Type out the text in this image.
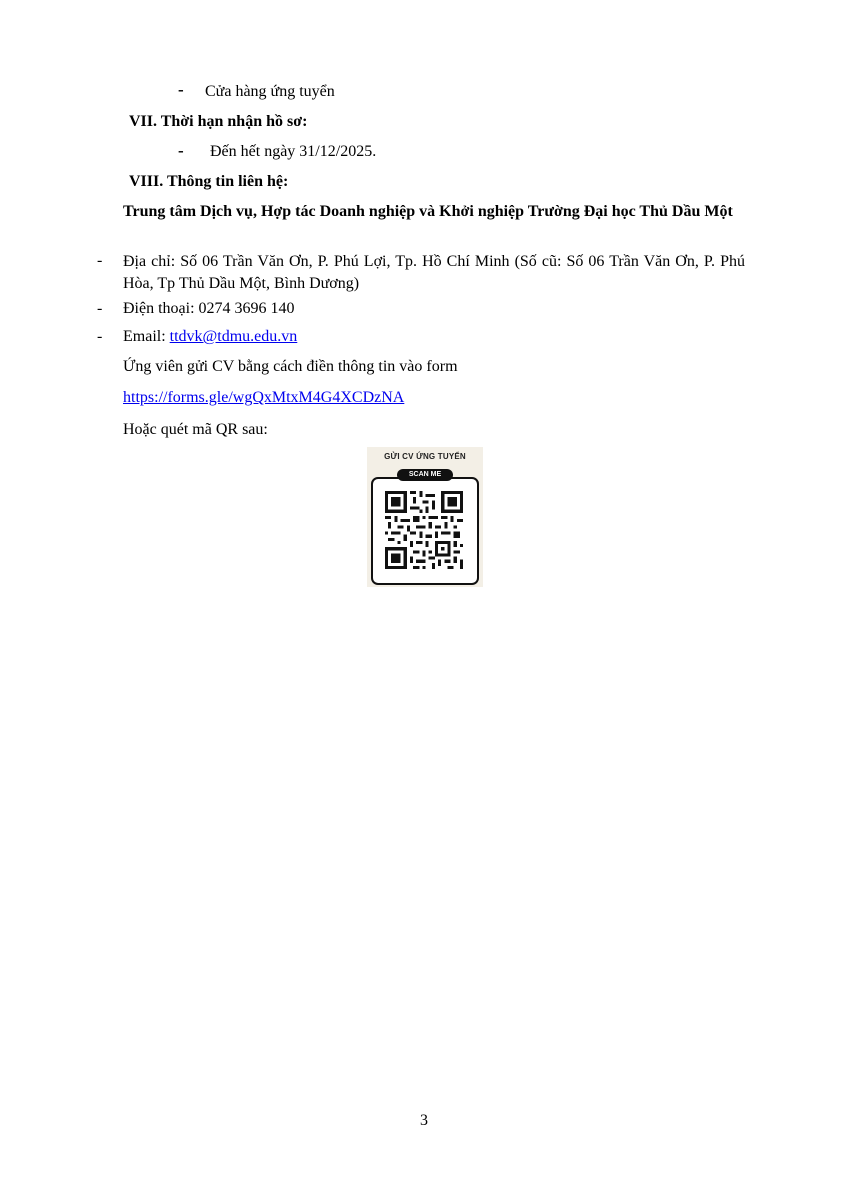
- Cửa hàng ứng tuyển
VII. Thời hạn nhận hồ sơ:
- Đến hết ngày 31/12/2025.
VIII. Thông tin liên hệ:
Trung tâm Dịch vụ, Hợp tác Doanh nghiệp và Khởi nghiệp Trường Đại học Thủ Dầu Một
- Địa chỉ: Số 06 Trần Văn Ơn, P. Phú Lợi, Tp. Hồ Chí Minh (Số cũ: Số 06 Trần Văn Ơn, P. Phú Hòa, Tp Thủ Dầu Một, Bình Dương)
- Điện thoại: 0274 3696 140
- Email: ttdvk@tdmu.edu.vn
Ứng viên gửi CV bằng cách điền thông tin vào form
https://forms.gle/wgQxMtxM4G4XCDzNA
Hoặc quét mã QR sau:
GỬI CV ỨNG TUYỂN
SCAN ME
3
